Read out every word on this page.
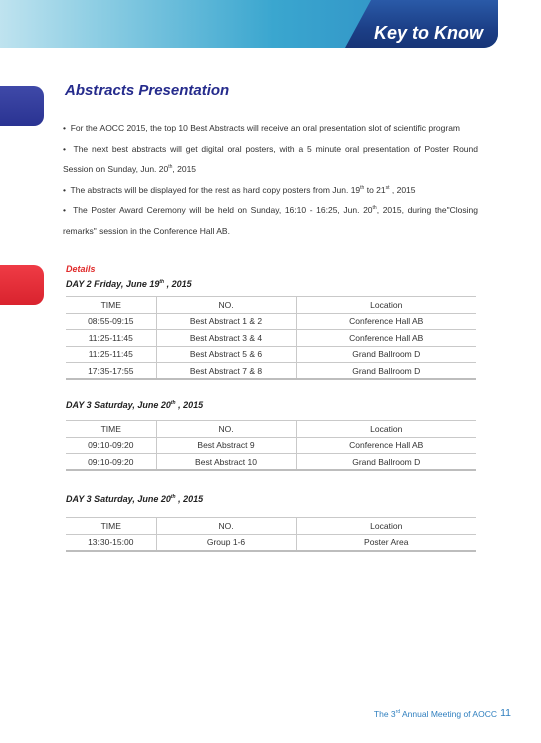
Key to Know
Abstracts Presentation
•  For the AOCC 2015, the top 10 Best Abstracts will receive an oral presentation slot of scientific program
•  The next best abstracts will get digital oral posters, with a 5 minute oral presentation of Poster Round Session on Sunday, Jun. 20th, 2015
•  The abstracts will be displayed for the rest as hard copy posters from Jun. 19th to 21st , 2015
•  The Poster Award Ceremony will be held on Sunday, 16:10 - 16:25, Jun. 20th, 2015, during the"Closing remarks" session in the Conference Hall AB.
Details
DAY 2 Friday, June 19th , 2015
TIME	NO.	Location
08:55-09:15	Best Abstract 1 & 2	Conference Hall AB
11:25-11:45	Best Abstract 3 & 4	Conference Hall AB
11:25-11:45	Best Abstract 5 & 6	Grand Ballroom D
17:35-17:55	Best Abstract 7 & 8	Grand Ballroom D
DAY 3 Saturday, June 20th , 2015
TIME	NO.	Location
09:10-09:20	Best Abstract 9	Conference Hall AB
09:10-09:20	Best Abstract 10	Grand Ballroom D
DAY 3 Saturday, June 20th , 2015
TIME	NO.	Location
13:30-15:00	Group 1-6	Poster Area
The 3rd Annual Meeting of AOCC 11
